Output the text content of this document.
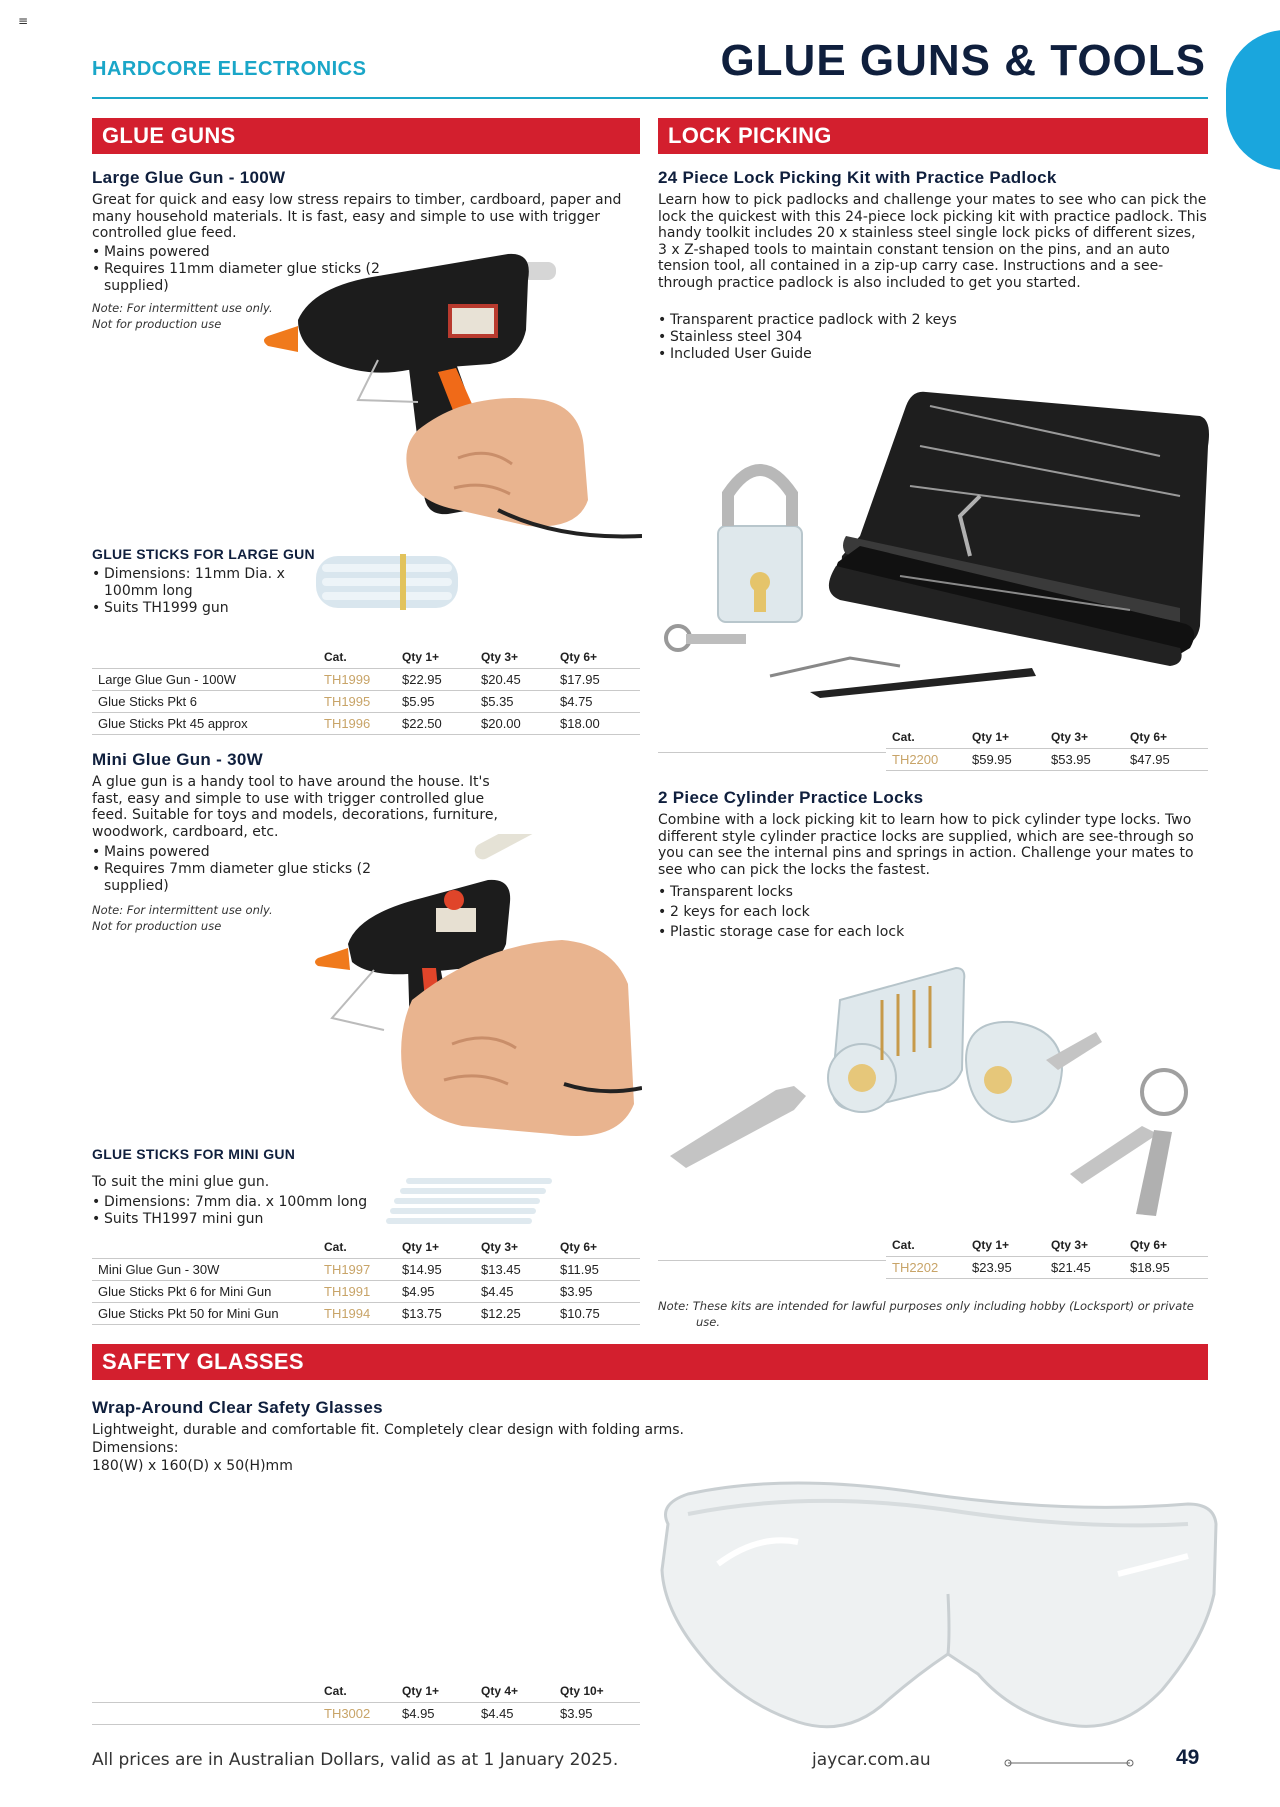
≡
HARDCORE ELECTRONICS	GLUE GUNS & TOOLS
GLUE GUNS
Large Glue Gun - 100W
Great for quick and easy low stress repairs to timber, cardboard, paper and many household materials. It is fast, easy and simple to use with trigger controlled glue feed.
• Mains powered
• Requires 11mm diameter glue sticks (2 supplied)
Note: For intermittent use only.
Not for production use
GLUE STICKS FOR LARGE GUN
• Dimensions: 11mm Dia. x 100mm long
• Suits TH1999 gun
	Cat.	Qty 1+	Qty 3+	Qty 6+
Large Glue Gun - 100W	TH1999	$22.95	$20.45	$17.95
Glue Sticks Pkt 6	TH1995	$5.95	$5.35	$4.75
Glue Sticks Pkt 45 approx	TH1996	$22.50	$20.00	$18.00
Mini Glue Gun - 30W
A glue gun is a handy tool to have around the house. It's fast, easy and simple to use with trigger controlled glue feed. Suitable for toys and models, decorations, furniture, woodwork, cardboard, etc.
• Mains powered
• Requires 7mm diameter glue sticks (2 supplied)
Note: For intermittent use only.
Not for production use
GLUE STICKS FOR MINI GUN
To suit the mini glue gun.
• Dimensions: 7mm dia. x 100mm long
• Suits TH1997 mini gun
	Cat.	Qty 1+	Qty 3+	Qty 6+
Mini Glue Gun - 30W	TH1997	$14.95	$13.45	$11.95
Glue Sticks Pkt 6 for Mini Gun	TH1991	$4.95	$4.45	$3.95
Glue Sticks Pkt 50 for Mini Gun	TH1994	$13.75	$12.25	$10.75
LOCK PICKING
24 Piece Lock Picking Kit with Practice Padlock
Learn how to pick padlocks and challenge your mates to see who can pick the lock the quickest with this 24-piece lock picking kit with practice padlock. This handy toolkit includes 20 x stainless steel single lock picks of different sizes, 3 x Z-shaped tools to maintain constant tension on the pins, and an auto tension tool, all contained in a zip-up carry case. Instructions and a see-through practice padlock is also included to get you started.
• Transparent practice padlock with 2 keys
• Stainless steel 304
• Included User Guide
Cat.	Qty 1+	Qty 3+	Qty 6+
TH2200	$59.95	$53.95	$47.95
2 Piece Cylinder Practice Locks
Combine with a lock picking kit to learn how to pick cylinder type locks. Two different style cylinder practice locks are supplied, which are see-through so you can see the internal pins and springs in action. Challenge your mates to see who can pick the locks the fastest.
• Transparent locks
• 2 keys for each lock
• Plastic storage case for each lock
Cat.	Qty 1+	Qty 3+	Qty 6+
TH2202	$23.95	$21.45	$18.95
Note: These kits are intended for lawful purposes only including hobby (Locksport) or private use.
SAFETY GLASSES
Wrap-Around Clear Safety Glasses
Lightweight, durable and comfortable fit. Completely clear design with folding arms.
Dimensions:
180(W) x 160(D) x 50(H)mm
	Cat.	Qty 1+	Qty 4+	Qty 10+
	TH3002	$4.95	$4.45	$3.95
All prices are in Australian Dollars, valid as at 1 January 2025.	jaycar.com.au	49
